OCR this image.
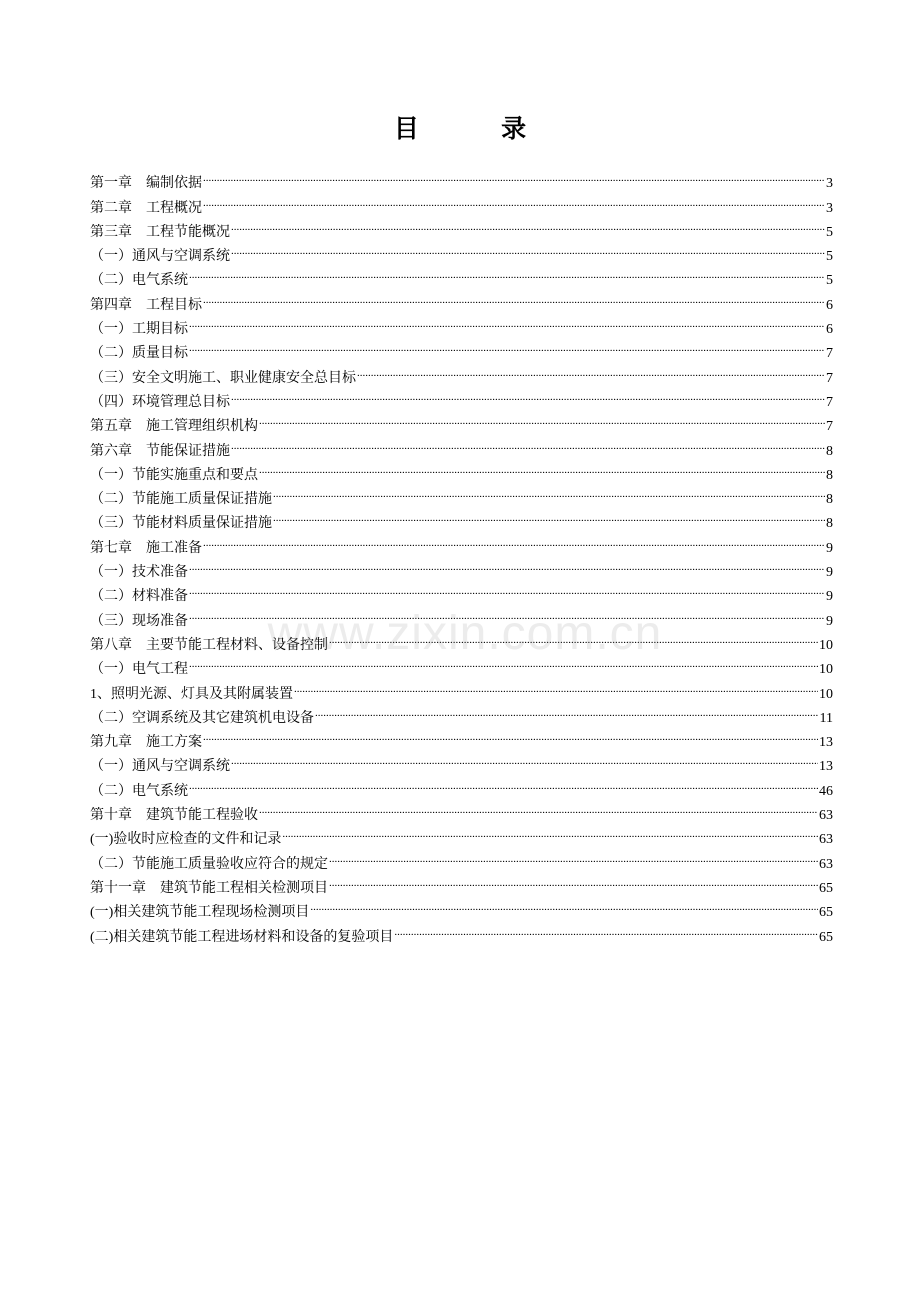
目 录
第一章　编制依据 .....	3
第二章　工程概况 .....	3
第三章　工程节能概况 .....	5
（一）通风与空调系统 .....	5
（二）电气系统 .....	5
第四章　工程目标 .....	6
（一）工期目标 .....	6
（二）质量目标 .....	7
（三）安全文明施工、职业健康安全总目标 .....	7
（四）环境管理总目标 .....	7
第五章　施工管理组织机构 .....	7
第六章　节能保证措施 .....	8
（一）节能实施重点和要点 .....	8
（二）节能施工质量保证措施 .....	8
（三）节能材料质量保证措施 .....	8
第七章　施工准备 .....	9
（一）技术准备 .....	9
（二）材料准备 .....	9
（三）现场准备 .....	9
第八章　主要节能工程材料、设备控制 .....	10
（一）电气工程 .....	10
1、照明光源、灯具及其附属装置 .....	10
（二）空调系统及其它建筑机电设备 .....	11
第九章　施工方案 .....	13
（一）通风与空调系统 .....	13
（二）电气系统 .....	46
第十章　建筑节能工程验收 .....	63
(一)验收时应检查的文件和记录 .....	63
（二）节能施工质量验收应符合的规定 .....	63
第十一章　建筑节能工程相关检测项目 .....	65
(一)相关建筑节能工程现场检测项目 .....	65
(二)相关建筑节能工程进场材料和设备的复验项目 .....	65
www.zixin.com.cn
